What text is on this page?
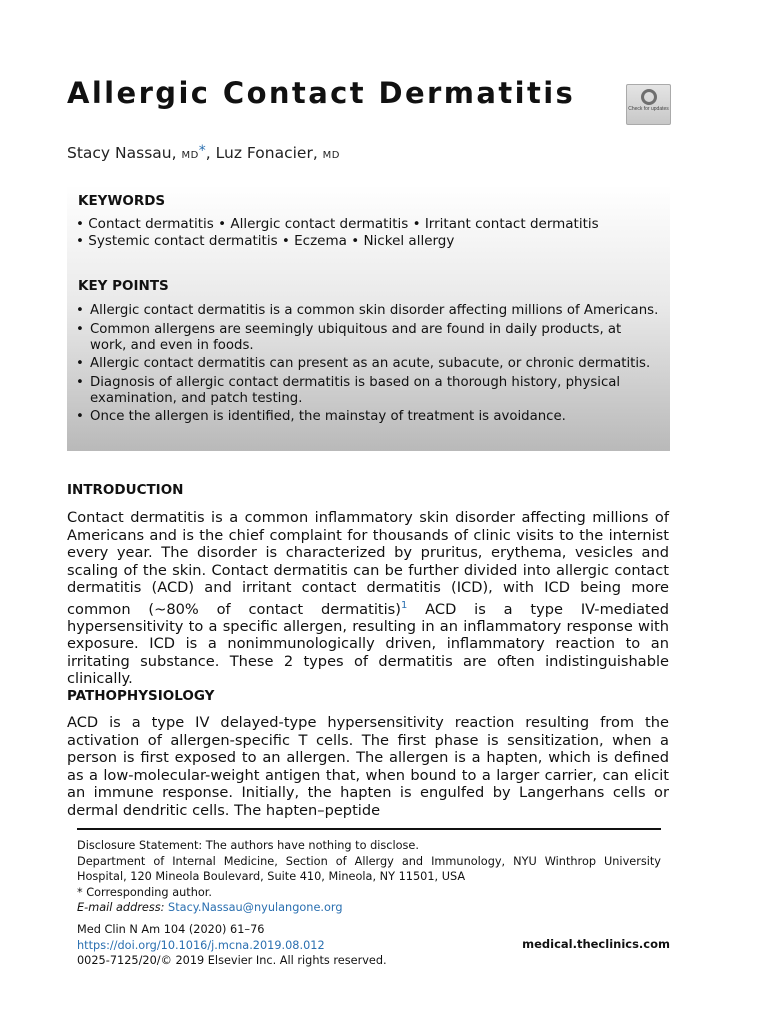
Allergic Contact Dermatitis	Check for updates
Stacy Nassau, MD*, Luz Fonacier, MD
KEYWORDS
• Contact dermatitis • Allergic contact dermatitis • Irritant contact dermatitis
• Systemic contact dermatitis • Eczema • Nickel allergy
KEY POINTS
• Allergic contact dermatitis is a common skin disorder affecting millions of Americans.
• Common allergens are seemingly ubiquitous and are found in daily products, at work, and even in foods.
• Allergic contact dermatitis can present as an acute, subacute, or chronic dermatitis.
• Diagnosis of allergic contact dermatitis is based on a thorough history, physical examination, and patch testing.
• Once the allergen is identified, the mainstay of treatment is avoidance.
INTRODUCTION

Contact dermatitis is a common inflammatory skin disorder affecting millions of Americans and is the chief complaint for thousands of clinic visits to the internist every year. The disorder is characterized by pruritus, erythema, vesicles and scaling of the skin. Contact dermatitis can be further divided into allergic contact dermatitis (ACD) and irritant contact dermatitis (ICD), with ICD being more common (∼80% of contact dermatitis)$^1$ ACD is a type IV-mediated hypersensitivity to a specific allergen, resulting in an inflammatory response with exposure. ICD is a nonimmunologically driven, inflammatory reaction to an irritating substance. These 2 types of dermatitis are often indistinguishable clinically.

PATHOPHYSIOLOGY

ACD is a type IV delayed-type hypersensitivity reaction resulting from the activation of allergen-specific T cells. The first phase is sensitization, when a person is first exposed to an allergen. The allergen is a hapten, which is defined as a low-molecular-weight antigen that, when bound to a larger carrier, can elicit an immune response. Initially, the hapten is engulfed by Langerhans cells or dermal dendritic cells. The hapten–peptide

Disclosure Statement: The authors have nothing to disclose.

Department of Internal Medicine, Section of Allergy and Immunology, NYU Winthrop University Hospital, 120 Mineola Boulevard, Suite 410, Mineola, NY 11501, USA

* Corresponding author.

E-mail address: Stacy.Nassau@nyulangone.org

Med Clin N Am 104 (2020) 61–76

https://doi.org/10.1016/j.mcna.2019.08.012

0025-7125/20/© 2019 Elsevier Inc. All rights reserved.

medical.theclinics.com
